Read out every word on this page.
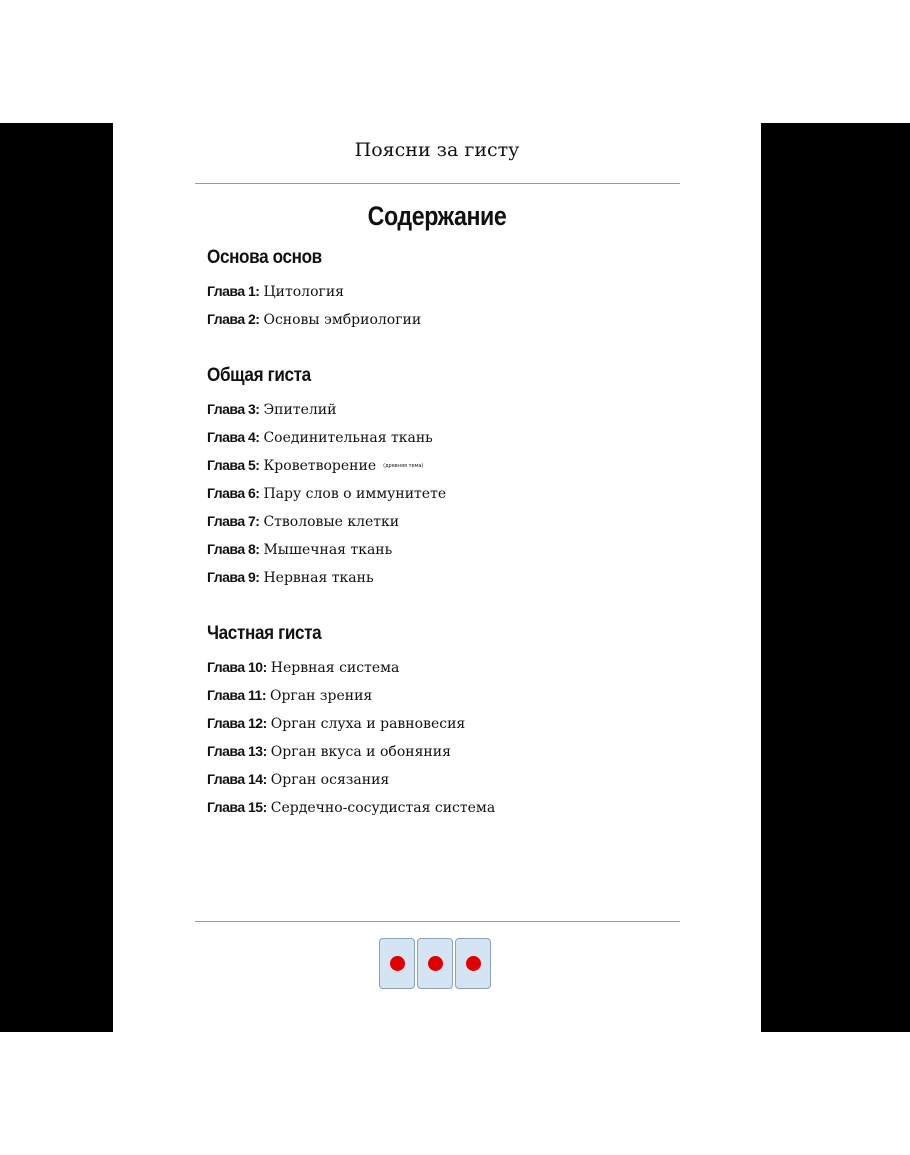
Поясни за гисту
Содержание
Основа основ
Глава 1: Цитология
Глава 2: Основы эмбриологии
Общая гиста
Глава 3: Эпителий
Глава 4: Соединительная ткань
Глава 5: Кроветворение (древняя тема)
Глава 6: Пару слов о иммунитете
Глава 7: Стволовые клетки
Глава 8: Мышечная ткань
Глава 9: Нервная ткань
Частная гиста
Глава 10: Нервная система
Глава 11: Орган зрения
Глава 12: Орган слуха и равновесия
Глава 13: Орган вкуса и обоняния
Глава 14: Орган осязания
Глава 15: Сердечно-сосудистая система
